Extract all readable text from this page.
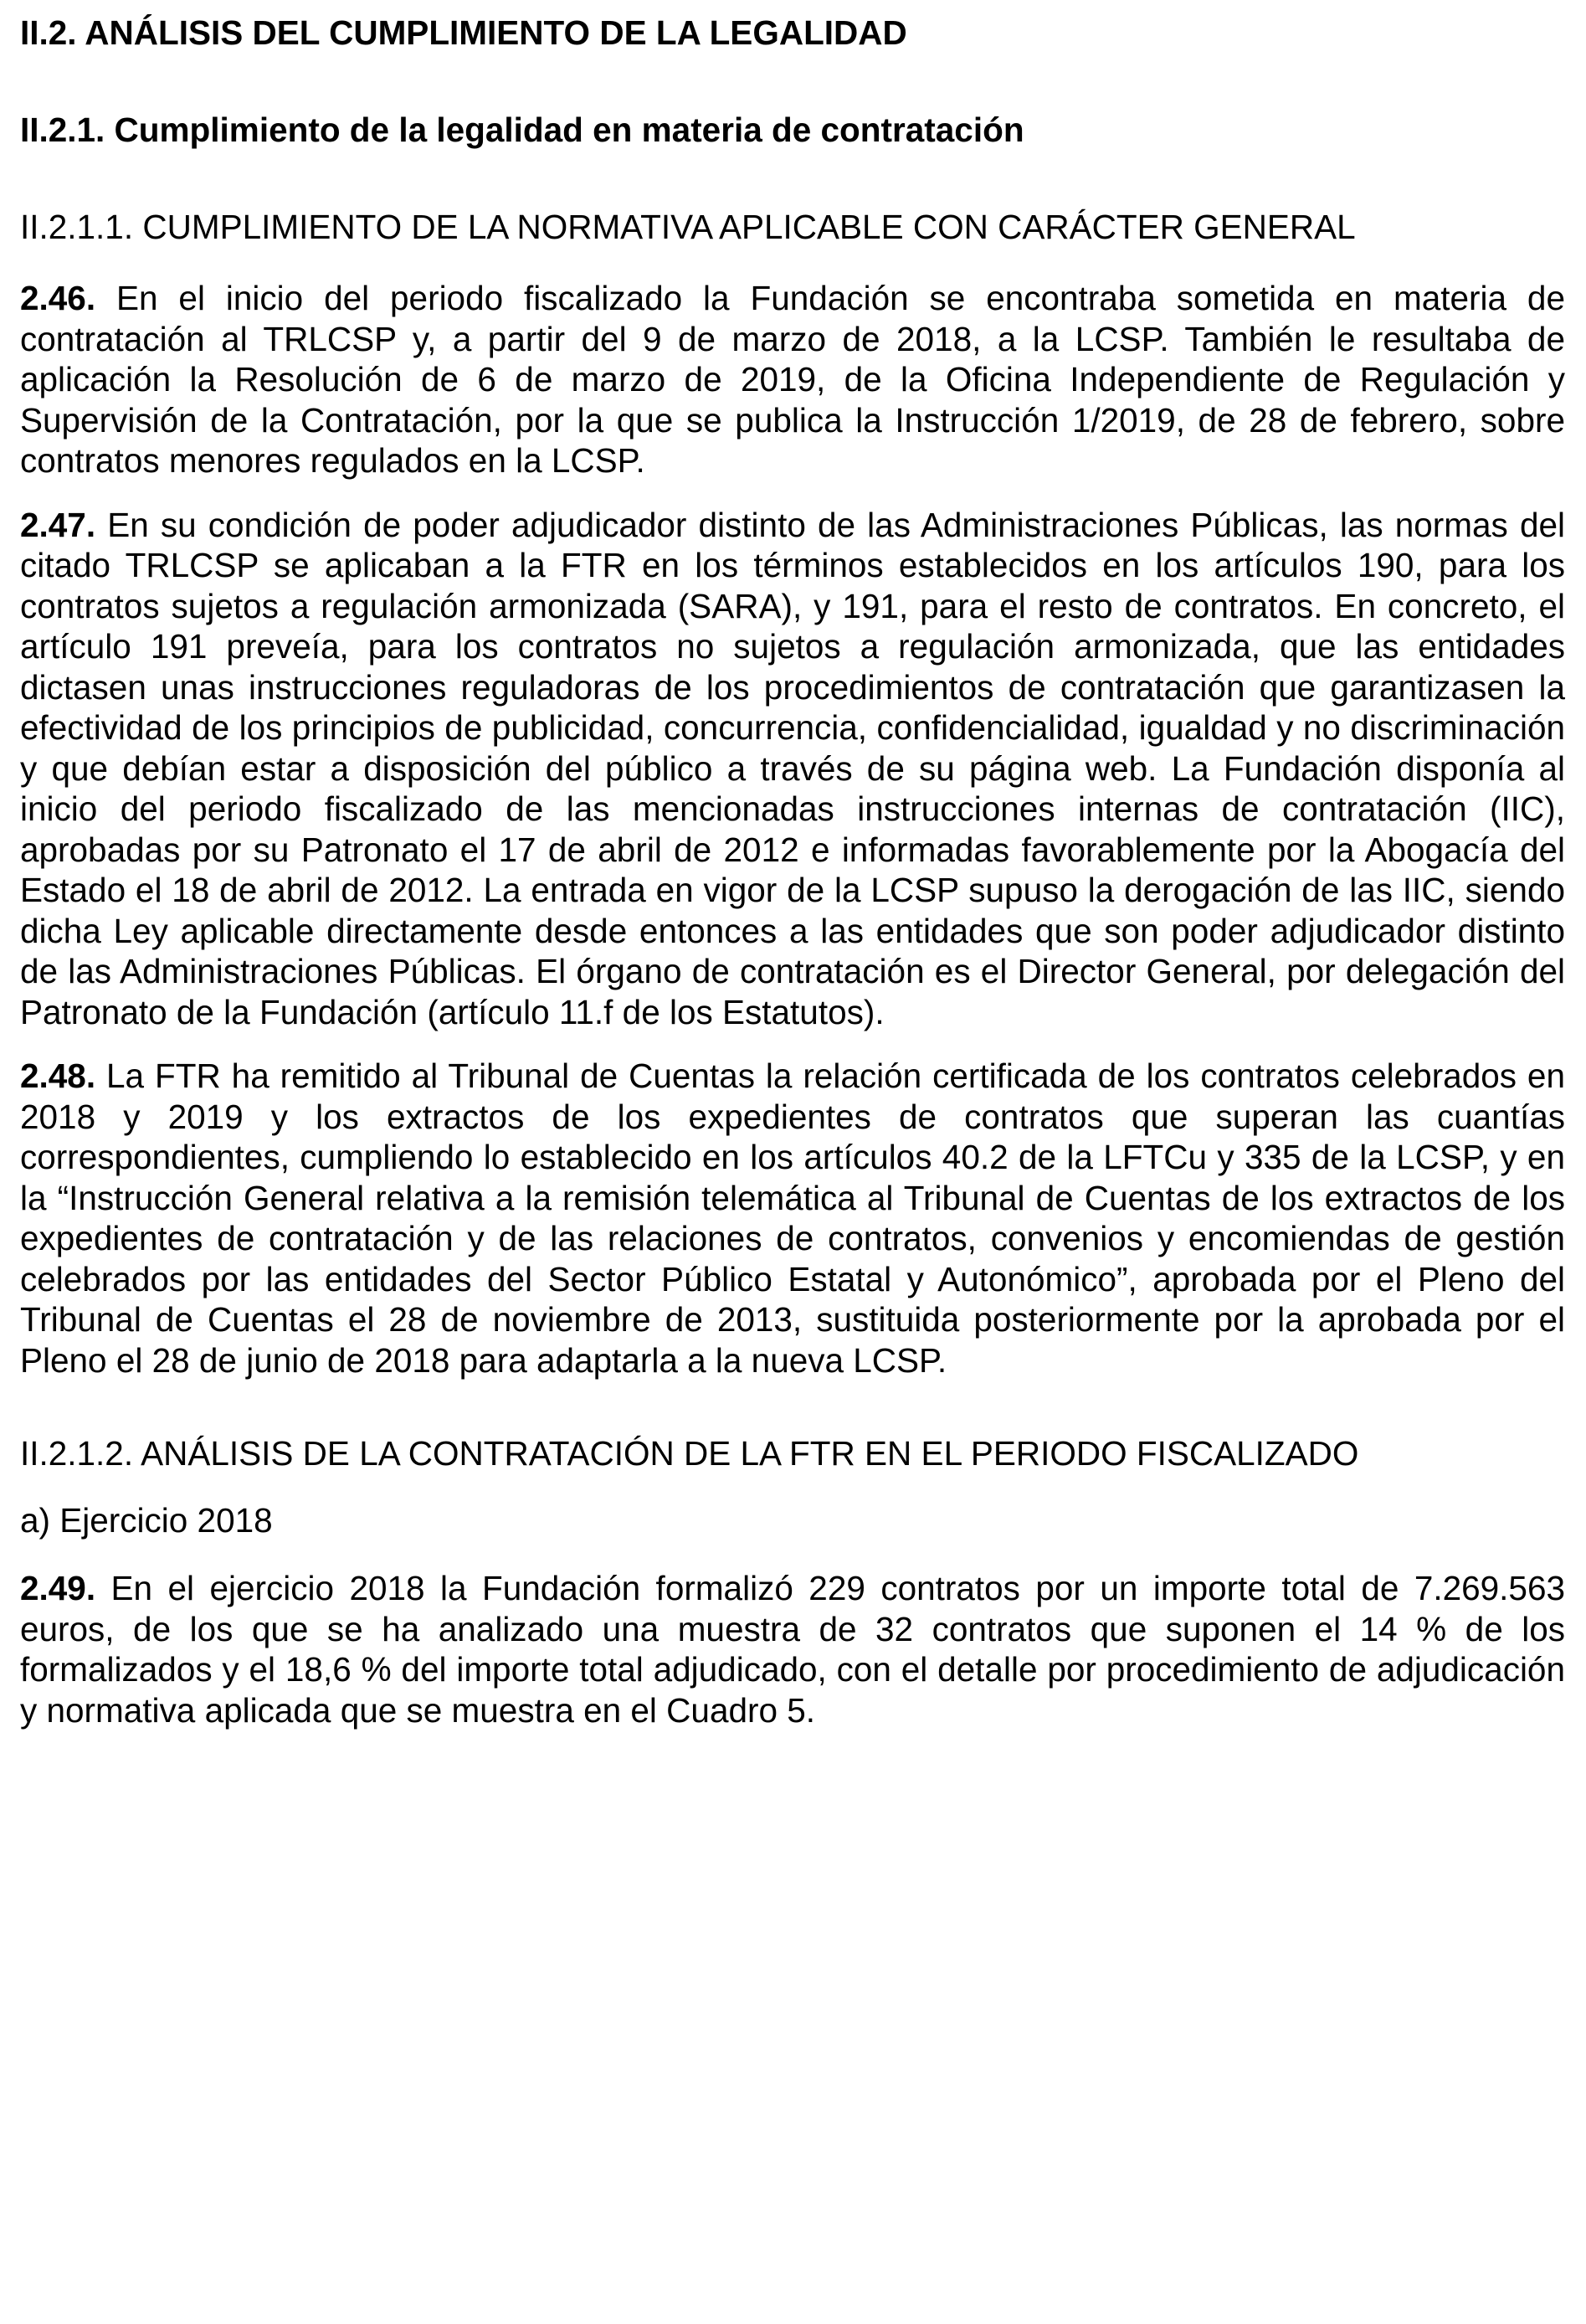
II.2. ANÁLISIS DEL CUMPLIMIENTO DE LA LEGALIDAD
II.2.1. Cumplimiento de la legalidad en materia de contratación
II.2.1.1. CUMPLIMIENTO DE LA NORMATIVA APLICABLE CON CARÁCTER GENERAL

2.46. En el inicio del periodo fiscalizado la Fundación se encontraba sometida en materia de contratación al TRLCSP y, a partir del 9 de marzo de 2018, a la LCSP. También le resultaba de aplicación la Resolución de 6 de marzo de 2019, de la Oficina Independiente de Regulación y Supervisión de la Contratación, por la que se publica la Instrucción 1/2019, de 28 de febrero, sobre contratos menores regulados en la LCSP.

2.47. En su condición de poder adjudicador distinto de las Administraciones Públicas, las normas del citado TRLCSP se aplicaban a la FTR en los términos establecidos en los artículos 190, para los contratos sujetos a regulación armonizada (SARA), y 191, para el resto de contratos. En concreto, el artículo 191 preveía, para los contratos no sujetos a regulación armonizada, que las entidades dictasen unas instrucciones reguladoras de los procedimientos de contratación que garantizasen la efectividad de los principios de publicidad, concurrencia, confidencialidad, igualdad y no discriminación y que debían estar a disposición del público a través de su página web. La Fundación disponía al inicio del periodo fiscalizado de las mencionadas instrucciones internas de contratación (IIC), aprobadas por su Patronato el 17 de abril de 2012 e informadas favorablemente por la Abogacía del Estado el 18 de abril de 2012. La entrada en vigor de la LCSP supuso la derogación de las IIC, siendo dicha Ley aplicable directamente desde entonces a las entidades que son poder adjudicador distinto de las Administraciones Públicas. El órgano de contratación es el Director General, por delegación del Patronato de la Fundación (artículo 11.f de los Estatutos).

2.48. La FTR ha remitido al Tribunal de Cuentas la relación certificada de los contratos celebrados en 2018 y 2019 y los extractos de los expedientes de contratos que superan las cuantías correspondientes, cumpliendo lo establecido en los artículos 40.2 de la LFTCu y 335 de la LCSP, y en la “Instrucción General relativa a la remisión telemática al Tribunal de Cuentas de los extractos de los expedientes de contratación y de las relaciones de contratos, convenios y encomiendas de gestión celebrados por las entidades del Sector Público Estatal y Autonómico”, aprobada por el Pleno del Tribunal de Cuentas el 28 de noviembre de 2013, sustituida posteriormente por la aprobada por el Pleno el 28 de junio de 2018 para adaptarla a la nueva LCSP.

II.2.1.2. ANÁLISIS DE LA CONTRATACIÓN DE LA FTR EN EL PERIODO FISCALIZADO
a) Ejercicio 2018

2.49. En el ejercicio 2018 la Fundación formalizó 229 contratos por un importe total de 7.269.563 euros, de los que se ha analizado una muestra de 32 contratos que suponen el 14 % de los formalizados y el 18,6 % del importe total adjudicado, con el detalle por procedimiento de adjudicación y normativa aplicada que se muestra en el Cuadro 5.
